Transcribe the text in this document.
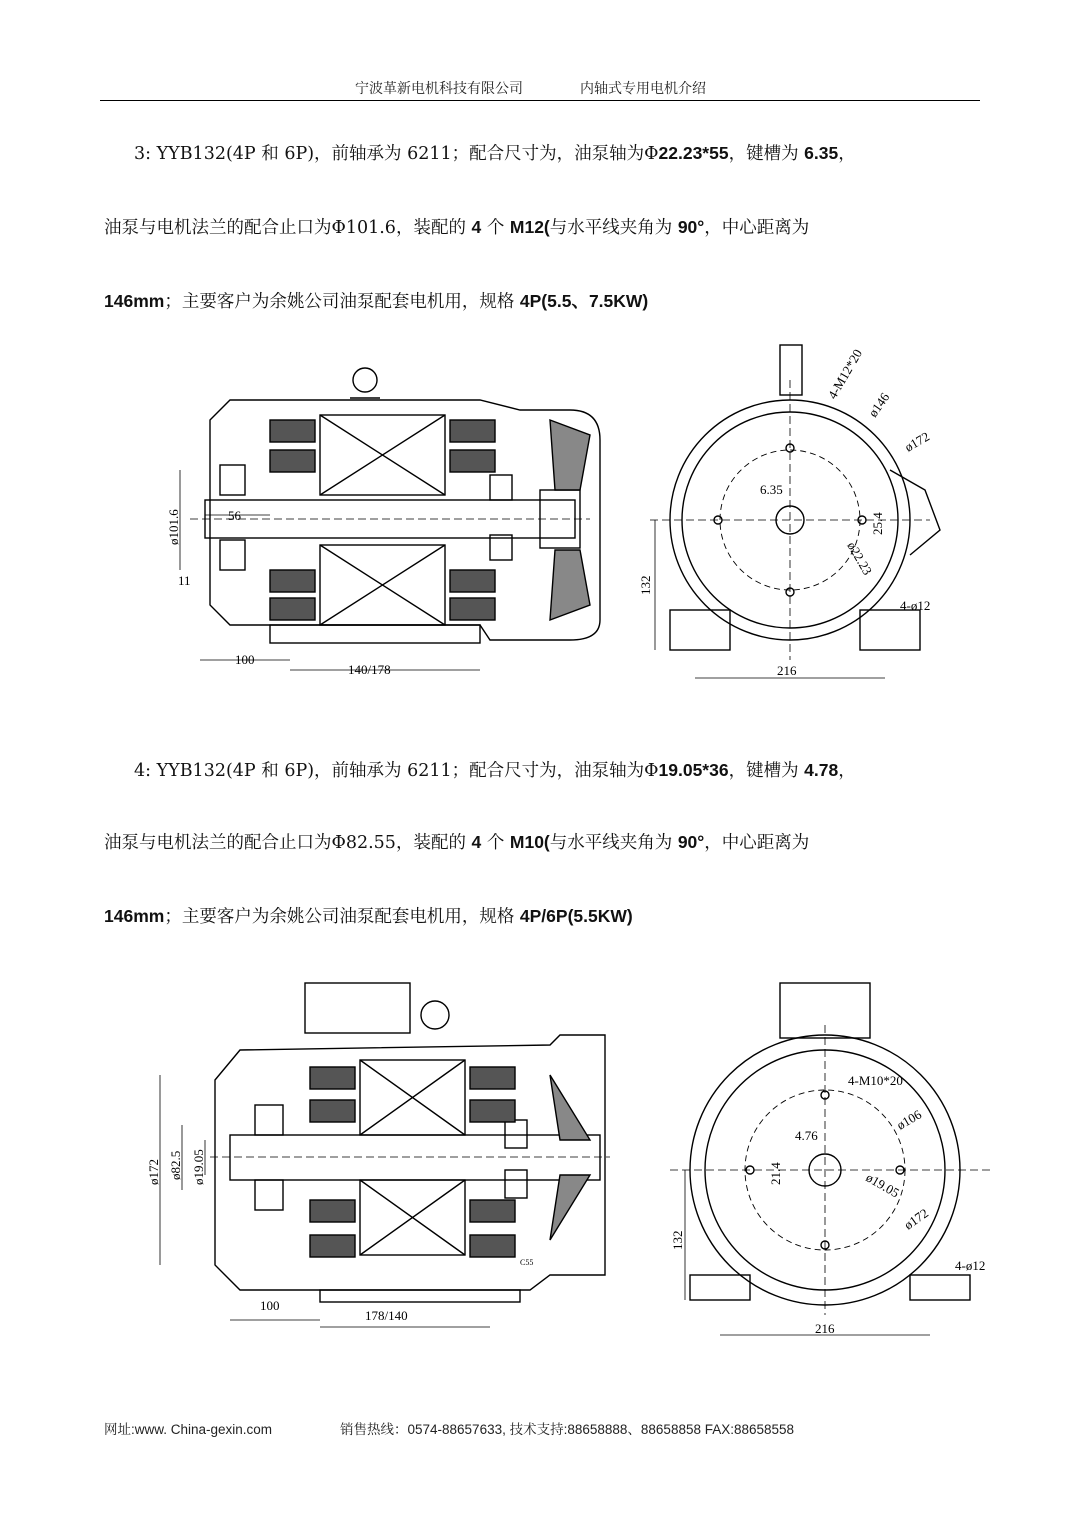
宁波革新电机科技有限公司	内轴式专用电机介绍
3: YYB132(4P 和 6P)，前轴承为 6211；配合尺寸为，油泵轴为Φ22.23*55，键槽为 6.35，
油泵与电机法兰的配合止口为Φ101.6，装配的 4 个 M12(与水平线夹角为 90°，中心距离为
146mm；主要客户为余姚公司油泵配套电机用，规格 4P(5.5、7.5KW)
ø101.6	56
11
100
140/178
4-M12*20
ø146
ø172
6.35
25.4
ø22.23
132
4-ø12
216
4: YYB132(4P 和 6P)，前轴承为 6211；配合尺寸为，油泵轴为Φ19.05*36，键槽为 4.78，
油泵与电机法兰的配合止口为Φ82.55，装配的 4 个 M10(与水平线夹角为 90°，中心距离为
146mm；主要客户为余姚公司油泵配套电机用，规格 4P/6P(5.5KW)
ø172 ø82.5 ø19.05
100
178/140
C55
4-M10*20
ø106
ø172
4.76
21.4	ø19.05
132
4-ø12
216
网址:www. China-gexin.com	销售热线：0574-88657633, 技术支持:88658888、88658858 FAX:88658558
